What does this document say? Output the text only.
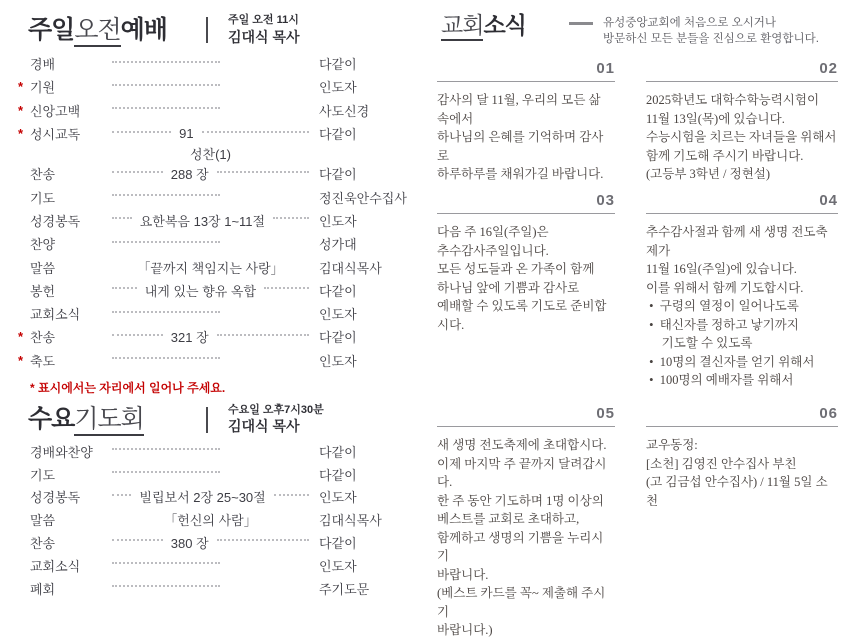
주일오전예배	주일 오전 11시
김대식 목사
경배	다같이
* 기원	인도자
* 신앙고백	사도신경
* 성시교독	91	다같이
성찬(1)
찬송	288 장	다같이
기도	정진욱안수집사
성경봉독	요한복음 13장 1~11절	인도자
찬양	성가대
말씀	「끝까지 책임지는 사랑」	김대식목사
봉헌	내게 있는 향유 옥합	다같이
교회소식	인도자
* 찬송	321 장	다같이
* 축도	인도자
* 표시에서는 자리에서 일어나 주세요.
수요기도회	수요일 오후7시30분
김대식 목사
경배와찬양	다같이
기도	다같이
성경봉독	빌립보서 2장 25~30절	인도자
말씀	「헌신의 사람」	김대식목사
찬송	380 장	다같이
교회소식	인도자
폐회	주기도문
교회소식	유성중앙교회에 처음으로 오시거나
방문하신 모든 분들을 진심으로 환영합니다.
01
감사의 달 11월, 우리의 모든 삶 속에서
하나님의 은혜를 기억하며 감사로
하루하루를 채워가길 바랍니다.
02
2025학년도 대학수학능력시험이
11월 13일(목)에 있습니다.
수능시험을 치르는 자녀들을 위해서
함께 기도해 주시기 바랍니다.
(고등부 3학년 / 정현설)
03
다음 주 16일(주일)은
추수감사주일입니다.
모든 성도들과 온 가족이 함께
하나님 앞에 기쁨과 감사로
예배할 수 있도록 기도로 준비합시다.
04
추수감사절과 함께 새 생명 전도축제가
11월 16일(주일)에 있습니다.
이를 위해서 함께 기도합시다.
•  구령의 열정이 일어나도록
•  태신자를 정하고 낳기까지
기도할 수 있도록
•  10명의 결신자를 얻기 위해서
•  100명의 예배자를 위해서
05
새 생명 전도축제에 초대합시다.
이제 마지막 주 끝까지 달려갑시다.
한 주 동안 기도하며 1명 이상의
베스트를 교회로 초대하고,
함께하고 생명의 기쁨을 누리시기
바랍니다.
(베스트 카드를 꼭~ 제출해 주시기
바랍니다.)
06
교우동정:
[소천] 김영진 안수집사 부친
(고 김금섭 안수집사) / 11월 5일 소천
